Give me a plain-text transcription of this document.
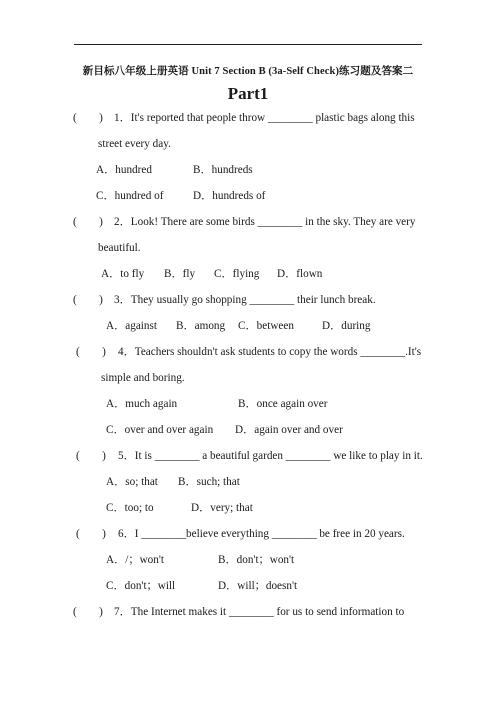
新目标八年级上册英语 Unit 7 Section B (3a-Self Check)练习题及答案二
Part1
(　　) 1．It's reported that people throw ________ plastic bags along this
street every day.
A．hundred	B．hundreds
C．hundred of	D．hundreds of
(　　) 2．Look! There are some birds ________ in the sky. They are very
beautiful.
A．to fly B．fly C．flying D．flown
(　　) 3．They usually go shopping ________ their lunch break.
A．against B．among C．between	D．during
(　　) 4．Teachers shouldn't ask students to copy the words ________.It's
simple and boring.
A．much again	B．once again over
C．over and over again D．again over and over
(　　) 5．It is ________ a beautiful garden ________ we like to play in it.
A．so; that B．such; that
C．too; to	D．very; that
(　　) 6．I ________believe everything ________ be free in 20 years.
A．/；won't	B．don't；won't
C．don't；will	D．will；doesn't
(　　) 7．The Internet makes it ________ for us to send information to
